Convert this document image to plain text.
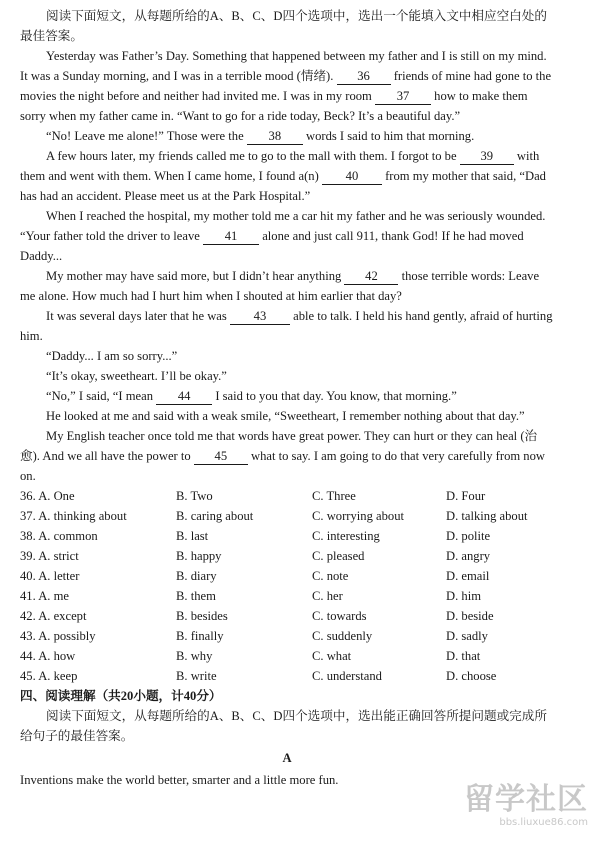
阅读下面短文，从每题所给的A、B、C、D四个选项中，选出一个能填入文中相应空白处的最佳答案。

Yesterday was Father’s Day. Something that happened between my father and I is still on my mind. It was a Sunday morning, and I was in a terrible mood (情绪). 36 friends of mine had gone to the movies the night before and neither had invited me. I was in my room 37 how to make them sorry when my father came in. “Want to go for a ride today, Beck? It’s a beautiful day.”

“No! Leave me alone!” Those were the 38 words I said to him that morning.

A few hours later, my friends called me to go to the mall with them. I forgot to be 39 with them and went with them. When I came home, I found a(n) 40 from my mother that said, “Dad has had an accident. Please meet us at the Park Hospital.”

When I reached the hospital, my mother told me a car hit my father and he was seriously wounded. “Your father told the driver to leave 41 alone and just call 911, thank God! If he had moved Daddy...

My mother may have said more, but I didn’t hear anything 42 those terrible words: Leave me alone. How much had I hurt him when I shouted at him earlier that day?

It was several days later that he was 43 able to talk. I held his hand gently, afraid of hurting him.

“Daddy... I am so sorry...”

“It’s okay, sweetheart. I’ll be okay.”

“No,” I said, “I mean 44 I said to you that day. You know, that morning.”

He looked at me and said with a weak smile, “Sweetheart, I remember nothing about that day.”

My English teacher once told me that words have great power. They can hurt or they can heal (治愈). And we all have the power to 45 what to say. I am going to do that very carefully from now on.

36. A. One	B. Two	C. Three	D. Four
37. A. thinking about	B. caring about	C. worrying about	D. talking about
38. A. common	B. last	C. interesting	D. polite
39. A. strict	B. happy	C. pleased	D. angry
40. A. letter	B. diary	C. note	D. email
41. A. me	B. them	C. her	D. him
42. A. except	B. besides	C. towards	D. beside
43. A. possibly	B. finally	C. suddenly	D. sadly
44. A. how	B. why	C. what	D. that
45. A. keep	B. write	C. understand	D. choose

四、阅读理解（共20小题，计40分）

阅读下面短文，从每题所给的A、B、C、D四个选项中，选出能正确回答所提问题或完成所给句子的最佳答案。

A

Inventions make the world better, smarter and a little more fun.

留学社区
bbs.liuxue86.com
